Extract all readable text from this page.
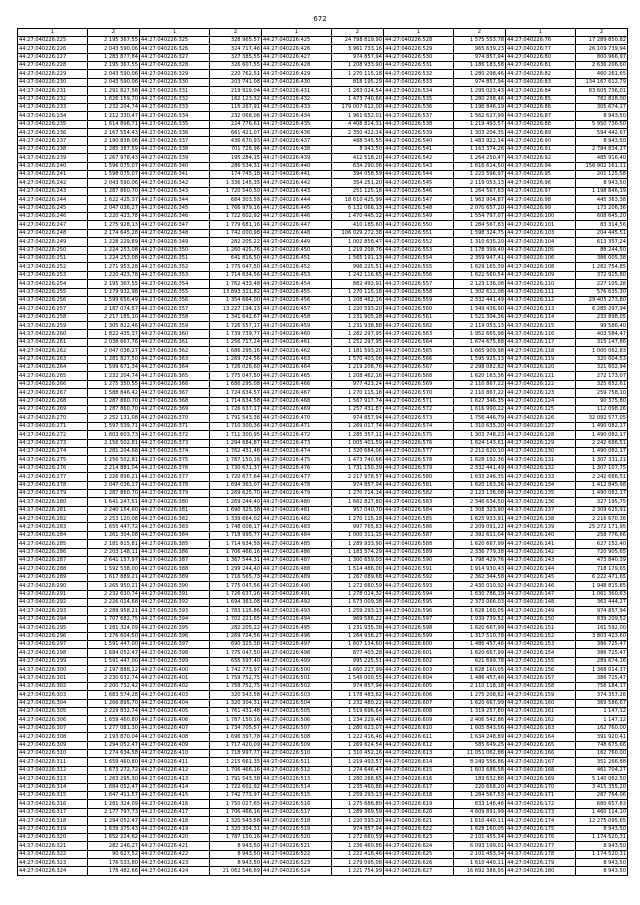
672
1	2	1	2	1	2	1	2	1	2
44:27:040226:225	2 195 367,55	44:27:040226:325	328 965,57	44:27:040226:425	24 798 819,90	44:27:040226:528	1 575 553,78	44:27:040226:76	17 289 850,82
44:27:040226:226	2 043 590,06	44:27:040226:326	324 717,46	44:27:040226:426	3 961 733,16	44:27:040226:529	965 639,23	44:27:040226:77	26 109 739,94
44:27:040226:227	1 283 877,84	44:27:040226:327	327 385,55	44:27:040226:427	974 857,94	44:27:040226:530	974 857,94	44:27:040226:80	800 966,97
44:27:040226:228	2 195 367,55	44:27:040226:328	326 607,55	44:27:040226:428	1 208 933,90	44:27:040226:531	1 186 183,58	44:27:040226:81	2 636 206,60
44:27:040226:229	2 043 590,06	44:27:040226:329	220 762,51	44:27:040226:429	1 270 115,18	44:27:040226:532	1 280 298,46	44:27:040226:82	460 261,65
44:27:040226:230	2 043 590,06	44:27:040226:330	203 741,08	44:27:040226:430	818 195,29	44:27:040226:533	974 857,94	44:27:040226:83	134 167 612,79
44:27:040226:231	1 291 827,56	44:27:040226:331	219 919,04	44:27:040226:431	1 283 024,54	44:27:040226:534	1 295 023,43	44:27:040226:84	83 605 736,01
44:27:040226:232	1 626 159,70	44:27:040226:332	162 123,32	44:27:040226:432	1 473 740,66	44:27:040226:535	1 280 298,46	44:27:040226:85	782 828,00
44:27:040226:233	1 232 204,74	44:27:040226:333	115 267,91	44:27:040226:433	179 007 612,00	44:27:040226:536	1 196 846,19	44:27:040226:86	305 674,17
44:27:040226:234	1 212 330,47	44:27:040226:334	232 068,06	44:27:040226:434	1 961 652,01	44:27:040226:537	1 562 627,99	44:27:040226:87	8 943,50
44:27:040226:235	1 614 896,71	44:27:040226:335	224 776,61	44:27:040226:435	4 408 814,31	44:27:040226:538	1 219 493,57	44:27:040226:88	5 950 736,50
44:27:040226:236	2 167 554,43	44:27:040226:336	661 421,07	44:27:040226:436	2 350 422,14	44:27:040226:539	1 303 204,35	44:27:040226:89	594 442,67
44:27:040226:237	2 190 838,06	44:27:040226:337	436 670,93	44:27:040226:437	488 545,55	44:27:040226:540	1 483 922,14	44:27:040226:90	8 943,50
44:27:040226:238	1 285 387,59	44:27:040226:338	701 726,96	44:27:040226:438	8 943,50	44:27:040226:541	1 163 374,26	44:27:040226:91	2 784 834,27
44:27:040226:239	1 267 978,43	44:27:040226:339	195 284,15	44:27:040226:439	412 518,20	44:27:040226:542	1 264 250,47	44:27:040226:92	485 916,40
44:27:040226:240	1 596 075,07	44:27:040226:340	286 534,31	44:27:040226:440	634 290,06	44:27:040226:543	1 616 614,50	44:27:040226:94	156 902 161,11
44:27:040226:241	1 598 075,07	44:27:040226:341	174 745,18	44:27:040226:441	394 058,59	44:27:040226:544	1 223 596,97	44:27:040226:95	201 125,58
44:27:040226:242	2 043 590,06	44:27:040226:342	1 336 145,35	44:27:040226:442	354 251,20	44:27:040226:545	2 119 053,13	44:27:040226:96	8 943,50
44:27:040226:243	1 287 860,70	44:27:040226:343	1 720 540,50	44:27:040226:443	251 125,18	44:27:040226:546	1 264 567,83	44:27:040226:97	1 198 846,19
44:27:040226:244	1 622 425,37	44:27:040226:344	684 303,58	44:27:040226:444	18 610 425,99	44:27:040226:547	1 963 904,87	44:27:040226:98	445 363,38
44:27:040226:245	2 047 036,27	44:27:040226:345	1 766 979,16	44:27:040226:445	6 132 066,13	44:27:040226:548	2 070 657,20	44:27:040226:99	173 206,36
44:27:040226:246	1 220 423,78	44:27:040226:346	1 722 602,92	44:27:040226:446	1 470 445,12	44:27:040226:549	1 554 797,07	44:27:040226:100	608 645,20
44:27:040226:247	1 275 928,13	44:27:040226:347	1 779 681,16	44:27:040226:447	410 185,60	44:27:040226:550	1 284 567,83	44:27:040226:101	83 314,56
44:27:040226:248	2 174 645,28	44:27:040226:348	1 742 000,98	44:27:040226:448	106 029 272,38	44:27:040226:551	1 598 324,75	44:27:040226:103	204 445,51
44:27:040226:249	1 228 229,89	44:27:040226:349	282 205,22	44:27:040226:449	1 002 856,47	44:27:040226:552	1 310 635,20	44:27:040226:104	613 357,24
44:27:040226:250	1 224 253,08	44:27:040226:350	1 260 425,76	44:27:040226:450	1 219 208,76	44:27:040226:553	1 178 399,40	44:27:040226:105	88 244,50
44:27:040226:251	1 224 253,08	44:27:040226:351	641 816,50	44:27:040226:451	1 565 191,13	44:27:040226:554	2 359 947,41	44:27:040226:106	386 005,38
44:27:040226:252	1 271 953,28	44:27:040226:352	1 775 047,50	44:27:040226:452	996 225,51	44:27:040226:555	1 629 165,39	44:27:040226:108	1 282 754,85
44:27:040226:253	1 220 423,78	44:27:040226:353	1 714 634,56	44:27:040226:453	1 242 116,65	44:27:040226:556	1 622 560,54	44:27:040226:109	372 915,80
44:27:040226:254	2 195 367,55	44:27:040226:354	1 762 433,48	44:27:040226:454	882 493,91	44:27:040226:557	2 123 136,08	44:27:040226:110	227 105,28
44:27:040226:255	1 279 932,98	44:27:040226:355	13 893 311,82	44:27:040226:455	1 270 115,18	44:27:040226:558	1 302 612,08	44:27:040226:111	576 635,30
44:27:040226:256	1 599 656,49	44:27:040226:356	1 354 664,00	44:27:040226:456	1 208 462,16	44:27:040226:559	2 332 441,49	44:27:040226:112	29 405 273,80
44:27:040226:257	2 187 074,57	44:27:040226:357	13 227 194,13	44:27:040226:457	1 220 593,20	44:27:040226:560	1 349 436,90	44:27:040226:113	6 285 297,94
44:27:040226:258	2 217 185,10	44:27:040226:358	1 341 642,67	44:27:040226:458	1 231 905,28	44:27:040226:561	1 521 304,36	44:27:040226:114	233 898,05
44:27:040226:259	1 305 822,46	44:27:040226:359	1 726 557,17	44:27:040226:459	1 231 938,88	44:27:040226:562	2 119 053,13	44:27:040226:115	99 586,40
44:27:040226:260	1 822 435,37	44:27:040226:360	1 739 739,77	44:27:040226:460	1 282 297,95	44:27:040226:563	1 952 665,98	44:27:040226:116	403 584,47
44:27:040226:261	2 038 667,76	44:27:040226:361	1 256 717,24	44:27:040226:461	1 252 297,95	44:27:040226:564	1 674 675,88	44:27:040226:117	315 147,86
44:27:040226:262	2 047 036,27	44:27:040226:362	1 686 295,16	44:27:040226:462	1 181 593,20	44:27:040226:565	1 665 909,98	44:27:040226:118	1 000 062,83
44:27:040226:263	1 281 827,50	44:27:040226:363	1 269 724,56	44:27:040226:463	1 570 403,06	44:27:040226:566	1 595 925,13	44:27:040226:119	320 004,53
44:27:040226:264	1 599 671,34	44:27:040226:364	1 726 026,60	44:27:040226:464	1 219 208,76	44:27:040226:567	2 298 082,82	44:27:040226:120	321 602,94
44:27:040226:265	1 232 204,74	44:27:040226:365	1 775 047,50	44:27:040226:465	1 208 462,16	44:27:040226:568	1 620 163,36	44:27:040226:121	272 173,07
44:27:040226:266	1 275 350,55	44:27:040226:366	1 686 295,08	44:27:040226:466	977 423,24	44:27:040226:569	2 110 867,22	44:27:040226:122	325 652,61
44:27:040226:267	1 588 846,42	44:27:040226:367	1 724 634,57	44:27:040226:467	1 270 115,18	44:27:040226:570	2 110 867,22	44:27:040226:123	259 758,10
44:27:040226:268	1 287 860,70	44:27:040226:368	1 714 634,58	44:27:040226:468	1 567 917,74	44:27:040226:571	1 627 346,35	44:27:040226:124	90 375,80
44:27:040226:269	1 287 860,70	44:27:040226:369	1 726 637,17	44:27:040226:469	1 257 431,87	44:27:040226:572	1 616 990,22	44:27:040226:125	112 098,26
44:27:040226:270	2 252 131,08	44:27:040226:370	1 791 543,38	44:27:040226:470	974 857,94	44:27:040226:573	1 756 446,79	44:27:040226:126	32 092 577,05
44:27:040226:271	1 597 539,71	44:27:040226:371	1 710 300,36	44:27:040226:471	1 269 017,74	44:27:040226:574	1 310 635,20	44:27:040226:127	1 490 082,17
44:27:040226:272	1 603 603,73	44:27:040226:372	1 711 300,95	44:27:040226:472	1 285 357,11	44:27:040226:575	1 303 748,23	44:27:040226:128	1 490 082,17
44:27:040226:273	2 156 502,81	44:27:040226:373	1 294 684,87	44:27:040226:473	1 005 401,59	44:27:040226:576	1 624 143,61	44:27:040226:129	2 242 686,51
44:27:040226:274	1 281 204,68	44:27:040226:374	1 762 431,48	44:27:040226:474	1 320 684,06	44:27:040226:577	2 212 620,10	44:27:040226:130	1 490 082,17
44:27:040226:275	1 256 502,81	44:27:040226:375	1 787 150,16	44:27:040226:475	1 473 740,66	44:27:040226:578	1 628 192,36	44:27:040226:131	1 307 331,21
44:27:040226:276	2 214 881,04	44:27:040226:376	1 730 671,37	44:27:040226:476	1 731 150,39	44:27:040226:579	2 332 441,49	44:27:040226:132	1 307 107,75
44:27:040226:277	1 226 896,21	44:27:040226:377	1 720 677,64	44:27:040226:477	2 217 978,57	44:27:040226:580	1 633 246,35	44:27:040226:133	2 242 686,51
44:27:040226:278	2 047 036,27	44:27:040226:378	1 694 363,07	44:27:040226:478	974 857,94	44:27:040226:581	1 620 163,36	44:27:040226:134	1 412 845,98
44:27:040226:279	1 287 860,70	44:27:040226:379	1 269 625,70	44:27:040226:479	1 270 714,14	44:27:040226:582	2 123 136,08	44:27:040226:135	1 490 082,17
44:27:040226:280	1 641 247,51	44:27:040226:380	1 269 244,40	44:27:040226:480	1 662 827,80	44:27:040226:583	2 346 634,50	44:27:040226:136	327 195,75
44:27:040226:281	2 240 154,60	44:27:040226:381	1 690 325,38	44:27:040226:481	957 040,70	44:27:040226:584	1 308 323,90	44:27:040226:137	2 309 625,91
44:27:040226:282	2 253 120,08	44:27:040226:382	1 339 664,02	44:27:040226:482	1 270 115,18	44:27:040226:585	1 625 933,91	44:27:040226:138	2 216 670,36
44:27:040226:283	1 655 447,72	44:27:040226:383	1 748 008,17	44:27:040226:483	997 765,83	44:27:040226:586	2 209 091,22	44:27:040226:139	25 272 171,95
44:27:040226:284	1 261 304,08	44:27:040226:384	1 718 995,77	44:27:040226:484	1 000 311,15	44:27:040226:587	2 392 611,04	44:27:040226:140	258 776,66
44:27:040226:285	2 181 815,81	44:27:040226:385	1 714 634,58	44:27:040226:485	1 289 933,90	44:27:040226:588	1 620 667,99	44:27:040226:141	627 152,40
44:27:040226:286	2 203 148,11	44:27:040226:386	1 706 466,16	44:27:040226:486	1 183 574,29	44:27:040226:589	2 336 779,38	44:27:040226:142	720 905,65
44:27:040226:287	2 641 157,97	44:27:040226:387	1 367 544,31	44:27:040226:487	1 300 659,03	44:27:040226:590	1 798 429,76	44:27:040226:143	473 840,39
44:27:040226:288	1 592 538,00	44:27:040226:388	1 299 244,40	44:27:040226:488	1 514 486,00	44:27:040226:591	1 914 930,43	44:27:040226:144	718 179,65
44:27:040226:289	1 617 889,21	44:27:040226:389	1 716 565,73	44:27:040226:489	1 267 089,68	44:27:040226:592	2 362 344,58	44:27:040226:145	6 222 471,65
44:27:040226:290	1 265 950,21	44:27:040226:390	1 775 047,56	44:27:040226:490	1 272 660,59	44:27:040226:593	2 430 010,92	44:27:040226:146	1 948 815,85
44:27:040226:291	2 232 630,74	44:27:040226:391	1 726 637,16	44:27:040226:491	1 278 014,32	44:27:040226:594	1 630 786,19	44:27:040226:147	1 061 360,63
44:27:040226:292	2 226 014,68	44:27:040226:392	1 694 363,08	44:27:040226:492	1 573 009,38	44:27:040226:595	2 373 066,03	44:27:040226:148	363 444,27
44:27:040226:293	2 289 958,21	44:27:040226:393	1 783 115,86	44:27:040226:493	1 259 293,13	44:27:040226:596	1 628 160,05	44:27:040226:149	974 857,94
44:27:040226:294	1 707 682,75	44:27:040226:394	1 702 221,65	44:27:040226:494	969 586,22	44:27:040226:597	1 939 739,52	44:27:040226:150	839 209,52
44:27:040226:295	1 281 324,09	44:27:040226:395	282 205,22	44:27:040226:495	1 231 935,38	44:27:040226:598	1 620 667,99	44:27:040226:151	161 592,00
44:27:040226:296	1 276 604,50	44:27:040226:396	1 269 724,56	44:27:040226:496	1 264 936,27	44:27:040226:599	1 317 510,78	44:27:040226:152	3 803 423,60
44:27:040226:297	1 591 447,00	44:27:040226:397	690 325,38	44:27:040226:497	1 607 134,60	44:27:040226:600	1 486 457,46	44:27:040226:153	386 725,47
44:27:040226:298	1 684 052,47	44:27:040226:398	1 775 047,50	44:27:040226:498	877 403,28	44:27:040226:601	1 620 667,99	44:27:040226:154	386 725,47
44:27:040226:299	1 591 447,00	44:27:040226:399	656 597,40	44:27:040226:499	995 225,51	44:27:040226:602	621 699,78	44:27:040226:155	289 674,16
44:27:040226:300	2 197 888,12	44:27:040226:400	1 742 773,97	44:27:040226:500	1 660 227,99	44:27:040226:603	1 628 160,05	44:27:040226:156	1 368 014,37
44:27:040226:301	2 230 632,74	44:27:040226:401	1 759 752,75	44:27:040226:501	1 545 000,55	44:27:040226:604	1 486 457,46	44:27:040226:157	386 725,47
44:27:040226:302	2 200 732,42	44:27:040226:402	1 758 752,75	44:27:040226:502	974 857,94	44:27:040226:605	2 110 118,18	44:27:040226:158	756 184,17
44:27:040226:303	1 683 574,28	44:27:040226:403	320 543,58	44:27:040226:503	1 178 483,62	44:27:040226:606	1 275 208,82	44:27:040226:159	374 357,26
44:27:040226:304	1 266 895,70	44:27:040226:404	1 320 304,31	44:27:040226:504	1 232 480,22	44:27:040226:607	1 620 667,99	44:27:040226:160	369 586,67
44:27:040226:305	2 229 832,74	44:27:040226:405	1 761 431,48	44:27:040226:505	1 519 696,64	44:27:040226:608	1 319 257,80	44:27:040226:161	1 147,12
44:27:040226:306	1 659 460,80	44:27:040226:406	1 787 150,16	44:27:040226:506	1 234 229,40	44:27:040226:609	2 406 542,86	44:27:040226:162	1 147,12
44:27:040226:307	1 277 081,30	44:27:040226:407	1 734 705,57	44:27:040226:507	1 280 623,07	44:27:040226:610	1 605 843,56	44:27:040226:163	162 760,00
44:27:040226:308	2 193 870,04	44:27:040226:408	1 696 397,78	44:27:040226:508	1 222 416,46	44:27:040226:611	1 634 248,89	44:27:040226:164	391 920,41
44:27:040226:309	1 294 052,47	44:27:040226:409	1 717 420,09	44:27:040226:509	1 269 624,54	44:27:040226:612	585 649,25	44:27:040226:165	748 675,66
44:27:040226:310	1 274 634,58	44:27:040226:410	1 718 997,77	44:27:040226:510	1 310 452,16	44:27:040226:613	11 051 062,88	44:27:040226:166	162 760,00
44:27:040226:311	1 659 460,80	44:27:040226:411	1 215 661,35	44:27:040226:511	1 219 493,57	44:27:040226:614	8 249 556,86	44:27:040226:167	351 266,88
44:27:040226:312	1 673 272,72	44:27:040226:412	1 706 466,16	44:27:040226:512	1 274 646,47	44:27:040226:615	1 603 686,58	44:27:040226:168	461 704,27
44:27:040226:313	1 263 295,30	44:27:040226:413	1 791 543,38	44:27:040226:513	1 280 266,65	44:27:040226:616	189 632,86	44:27:040226:169	5 140 062,50
44:27:040226:314	1 684 052,47	44:27:040226:414	1 722 602,92	44:27:040226:514	1 235 460,86	44:27:040226:617	220 668,20	44:27:040226:170	3 415 355,20
44:27:040226:315	1 647 411,57	44:27:040226:415	1 742 773,97	44:27:040226:515	1 259 293,13	44:27:040226:618	1 284 567,53	44:27:040226:171	287 764,06
44:27:040226:316	1 281 324,09	44:27:040226:416	1 750 027,65	44:27:040226:516	1 275 686,80	44:27:040226:619	833 146,46	44:27:040226:172	680 657,83
44:27:040226:317	2 177 797,73	44:27:040226:417	1 706 466,16	44:27:040226:517	1 289 369,59	44:27:040226:620	4 609 891,99	44:27:040226:173	1 460 114,10
44:27:040226:318	1 294 052,47	44:27:040226:418	1 320 543,58	44:27:040226:518	1 220 593,20	44:27:040226:621	1 610 440,11	44:27:040226:174	12 275 095,65
44:27:040226:319	1 639 375,43	44:27:040226:419	1 320 304,31	44:27:040226:519	974 857,94	44:27:040226:622	1 628 160,05	44:27:040226:175	8 943,50
44:27:040226:320	1 652 224,62	44:27:040226:420	1 787 150,16	44:27:040226:520	1 272 660,59	44:27:040226:623	2 101 455,34	44:27:040226:176	1 174 520,31
44:27:040226:321	282 246,27	44:27:040226:421	8 943,50	44:27:040226:521	1 236 460,86	44:27:040226:624	6 093 199,01	44:27:040226:177	8 943,50
44:27:040226:322	90 627,52	44:27:040226:422	8 943,50	44:27:040226:522	1 222 416,46	44:27:040226:625	2 101 453,34	44:27:040226:178	1 174 520,31
44:27:040226:323	176 533,80	44:27:040226:423	8 943,50	44:27:040226:523	1 279 095,08	44:27:040226:626	1 610 440,11	44:27:040226:179	8 943,50
44:27:040226:324	178 482,66	44:27:040226:424	21 062 546,69	44:27:040226:524	1 221 754,99	44:27:040226:627	16 692 386,95	44:27:040226:180	8 943,50
